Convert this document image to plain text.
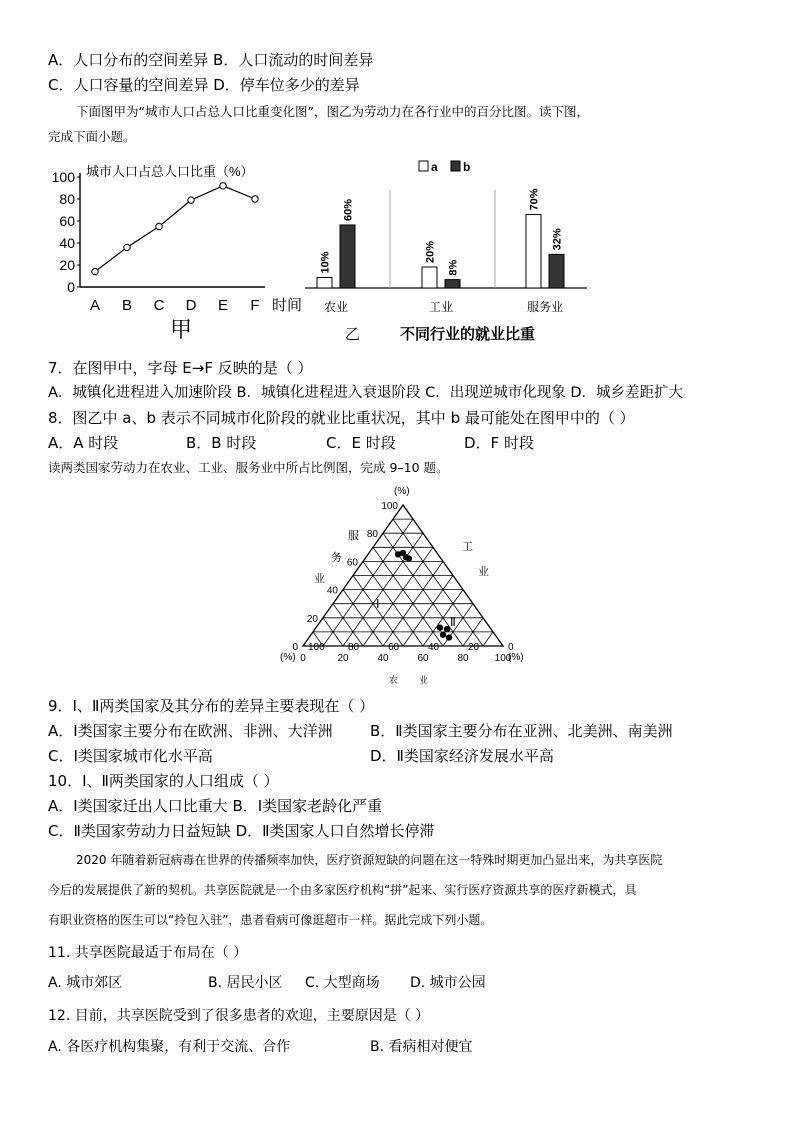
A．人口分布的空间差异 B．人口流动的时间差异
C．人口容量的空间差异 D．停车位多少的差异
下面图甲为“城市人口占总人口比重变化图”，图乙为劳动力在各行业中的百分比图。读下图，
完成下面小题。
城市人口占总人口比重（%）
0
20
40
60
80
100
A B C D E F 时间
甲
a b
10%
60%
农业
20%
8%
工业
70%
32%
服务业
乙	不同行业的就业比重
7．在图甲中，字母 E→F 反映的是（ ）
A．城镇化进程进入加速阶段 B．城镇化进程进入衰退阶段 C．出现逆城市化现象 D．城乡差距扩大
8．图乙中 a、b 表示不同城市化阶段的就业比重状况，其中 b 最可能处在图甲中的（ ）
A．A 时段	B．B 时段	C．E 时段	D．F 时段
读两类国家劳动力在农业、工业、服务业中所占比例图，完成 9–10 题。
0
0	0
20
20
20
40
40
40
60
60
60
80
80
80
100
100
100
(%)
(%)	(%)
服
务
业
工
业
农 业
Ⅰ
Ⅱ
9．Ⅰ、Ⅱ两类国家及其分布的差异主要表现在（ ）
A．Ⅰ类国家主要分布在欧洲、非洲、大洋洲 B．Ⅱ类国家主要分布在亚洲、北美洲、南美洲
C．Ⅰ类国家城市化水平高	D．Ⅱ类国家经济发展水平高
10．Ⅰ、Ⅱ两类国家的人口组成（ ）
A．Ⅰ类国家迁出人口比重大 B．Ⅰ类国家老龄化严重
C．Ⅱ类国家劳动力日益短缺 D．Ⅱ类国家人口自然增长停滞
2020 年随着新冠病毒在世界的传播频率加快，医疗资源短缺的问题在这一特殊时期更加凸显出来，为共享医院
今后的发展提供了新的契机。共享医院就是一个由多家医疗机构“拼”起来、实行医疗资源共享的医疗新模式，具
有职业资格的医生可以“拎包入驻”，患者看病可像逛超市一样。据此完成下列小题。
11. 共享医院最适于布局在（ ）
A. 城市郊区	B. 居民小区 C. 大型商场 D. 城市公园
12. 目前，共享医院受到了很多患者的欢迎，主要原因是（ ）
A. 各医疗机构集聚，有利于交流、合作	B. 看病相对便宜
